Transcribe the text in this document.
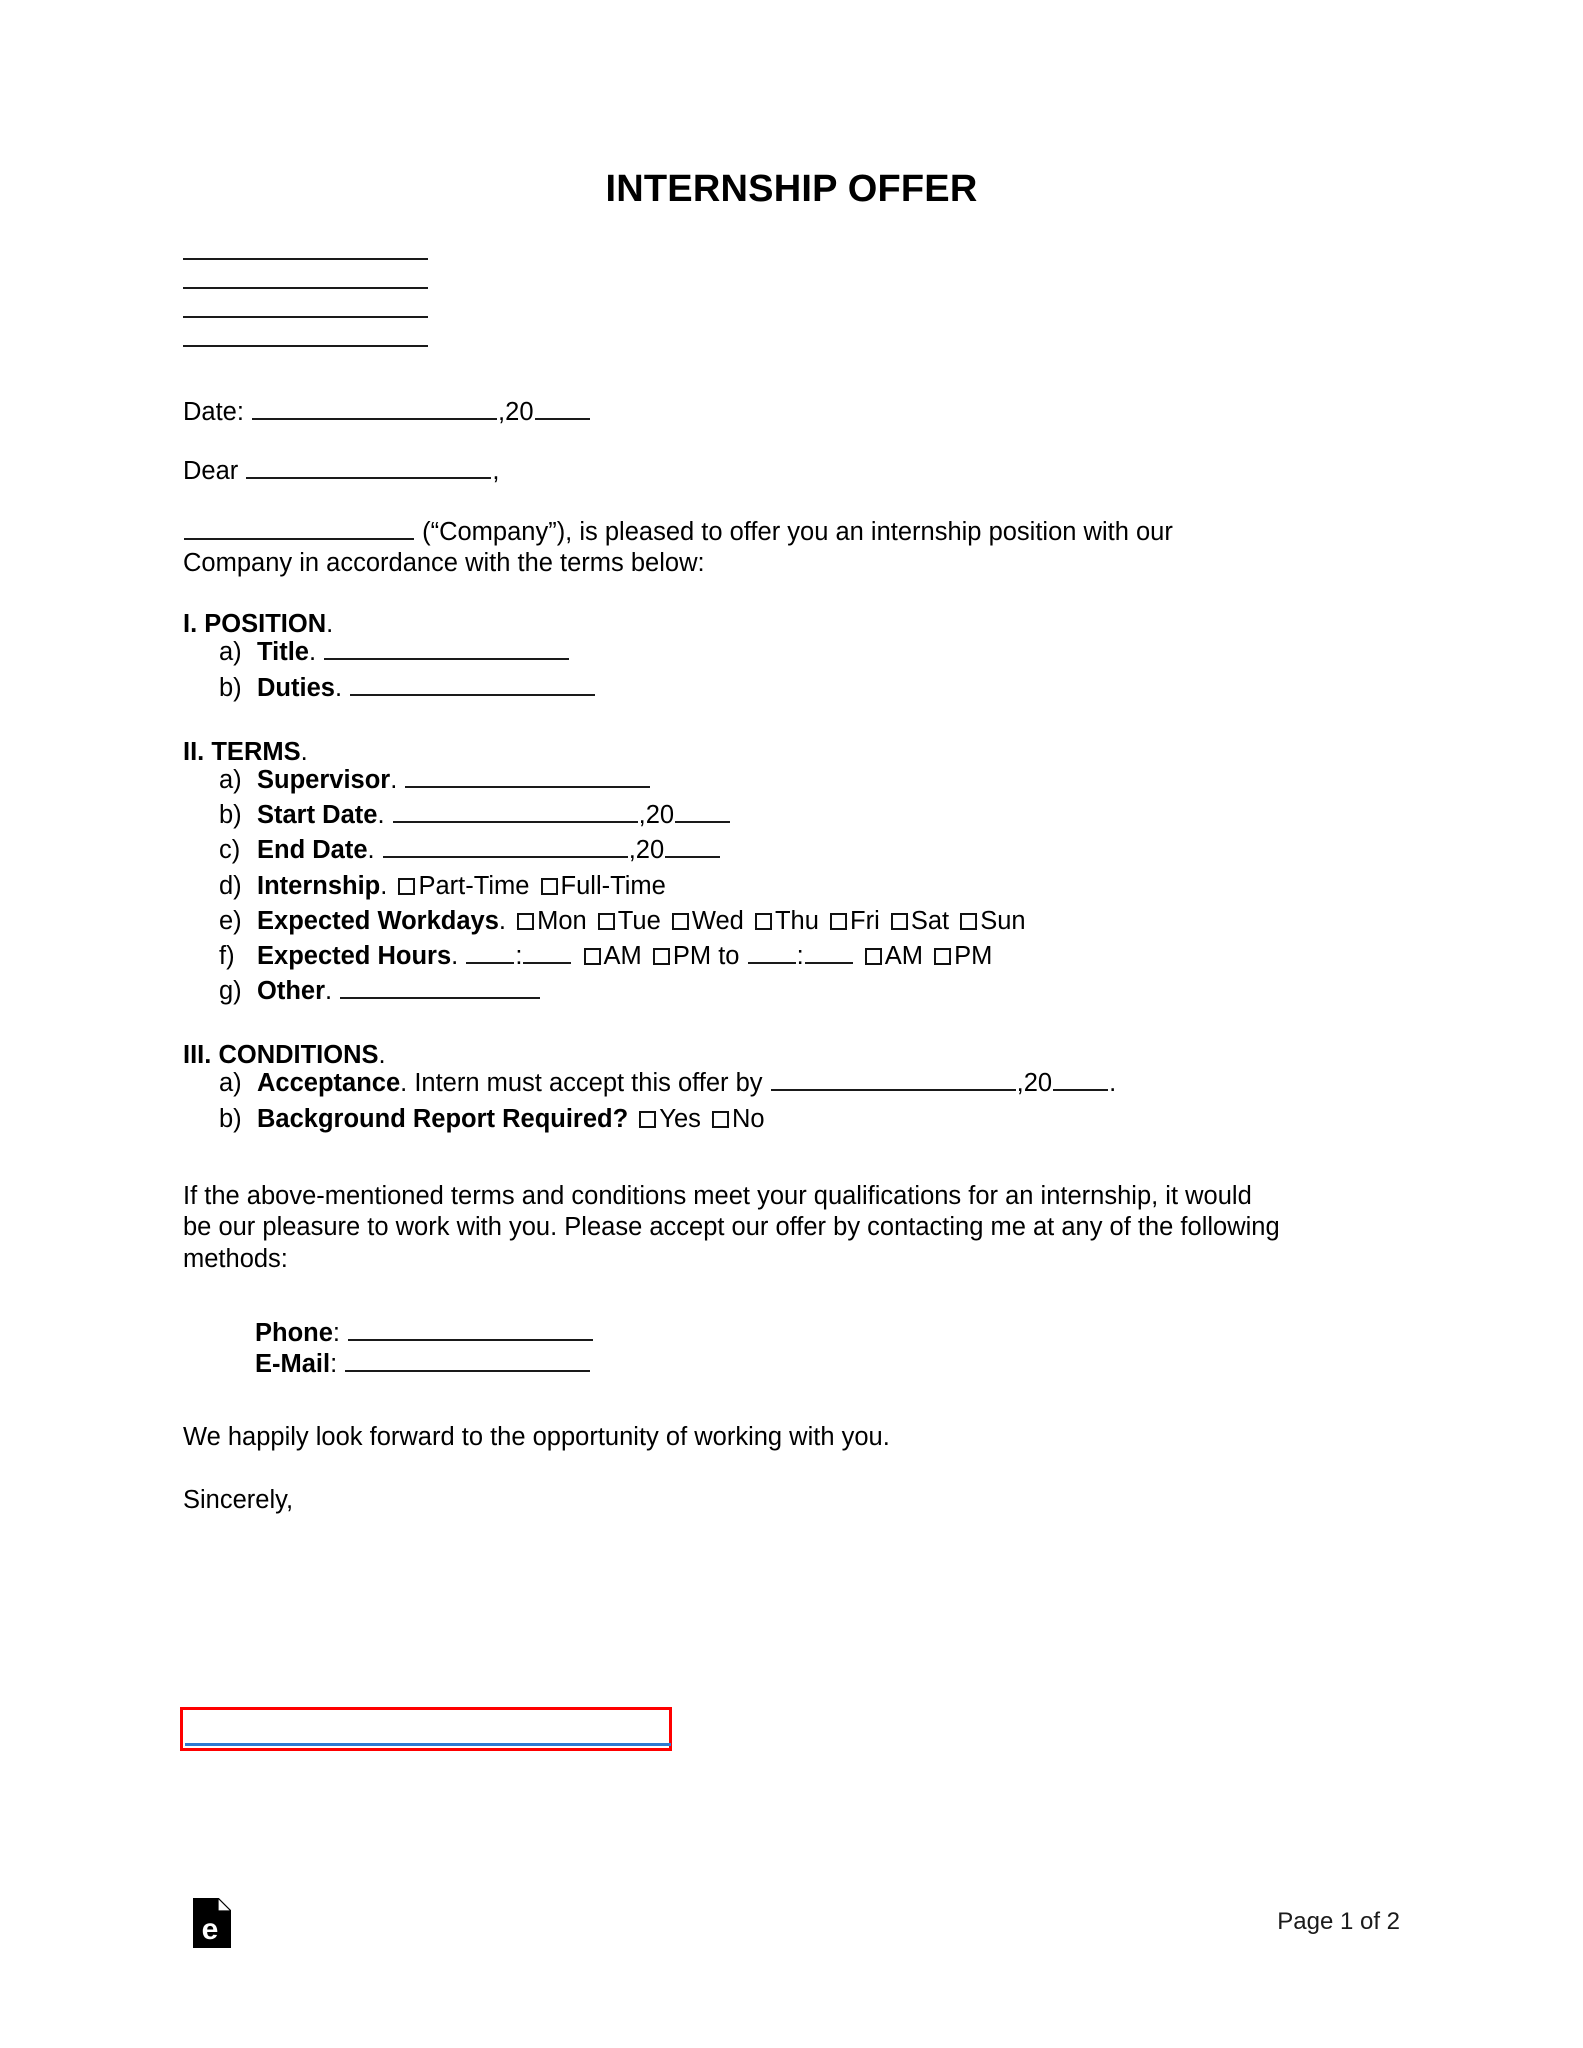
INTERNSHIP OFFER
Date:	,20
Dear	,
(“Company”), is pleased to offer you an internship position with our Company in accordance with the terms below:
I. POSITION.
a) Title.
b) Duties.
II. TERMS.
a) Supervisor.
b) Start Date.	,20
c) End Date.	,20
d) Internship. Part-Time Full-Time
e) Expected Workdays. Mon Tue Wed Thu Fri Sat Sun
f) Expected Hours. :	AM PM to :	AM PM
g) Other.
III. CONDITIONS.
a) Acceptance. Intern must accept this offer by	,20 .
b) Background Report Required? Yes No
If the above-mentioned terms and conditions meet your qualifications for an internship, it would be our pleasure to work with you. Please accept our offer by contacting me at any of the following methods:
Phone:
E-Mail:
We happily look forward to the opportunity of working with you.
Sincerely,
e	Page 1 of 2
